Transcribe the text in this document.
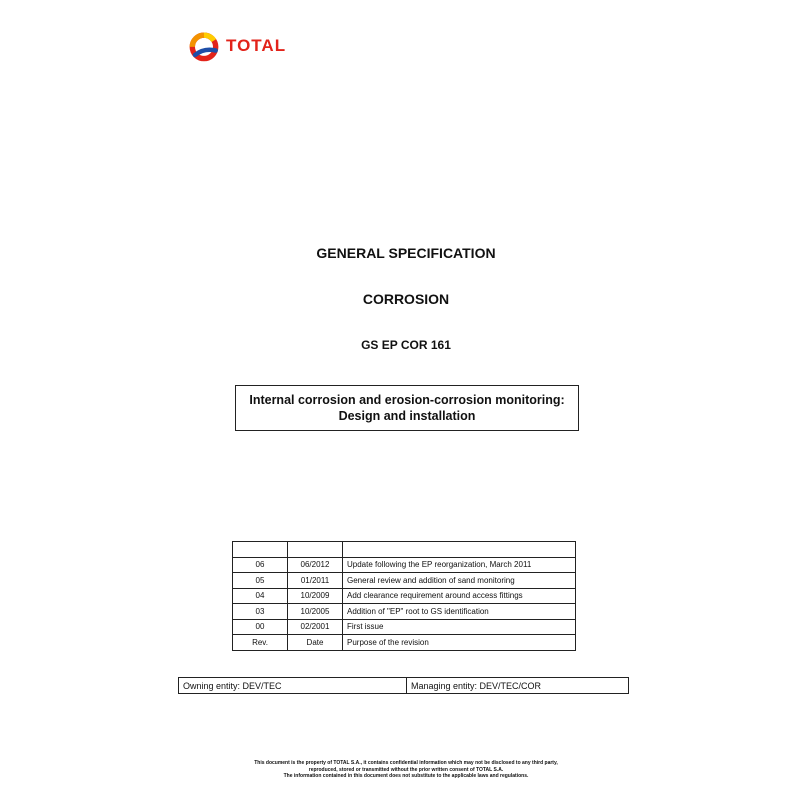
TOTAL
GENERAL SPECIFICATION
CORROSION
GS EP COR 161
Internal corrosion and erosion-corrosion monitoring:
Design and installation

06	06/2012	Update following the EP reorganization, March 2011
05	01/2011	General review and addition of sand monitoring
04	10/2009	Add clearance requirement around access fittings
03	10/2005	Addition of "EP" root to GS identification
00	02/2001	First issue
Rev.	Date	Purpose of the revision
Owning entity: DEV/TEC	Managing entity: DEV/TEC/COR
This document is the property of TOTAL S.A., it contains confidential information which may not be disclosed to any third party,
reproduced, stored or transmitted without the prior written consent of TOTAL S.A.
The information contained in this document does not substitute to the applicable laws and regulations.
